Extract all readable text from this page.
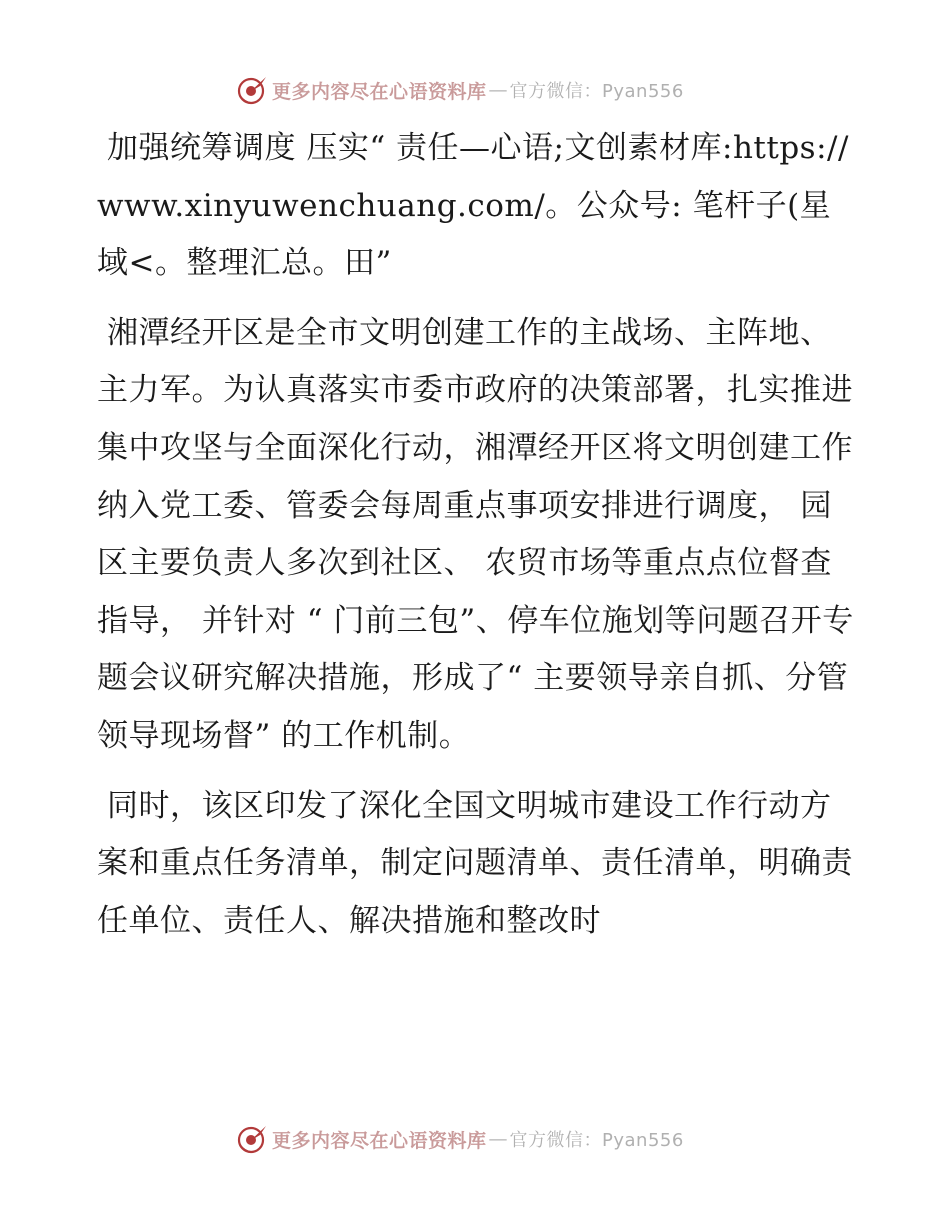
更多内容尽在心语资料库 — 官方微信：Pyan556

加强统筹调度 压实“ 责任—心语;文创素材库:https://www.xinyuwenchuang.com/。公众号: 笔杆子(星域<。整理汇总。田”

湘潭经开区是全市文明创建工作的主战场、主阵地、主力军。为认真落实市委市政府的决策部署，扎实推进集中攻坚与全面深化行动，湘潭经开区将文明创建工作纳入党工委、管委会每周重点事项安排进行调度， 园区主要负责人多次到社区、 农贸市场等重点点位督查指导， 并针对 “ 门前三包”、停车位施划等问题召开专题会议研究解决措施，形成了“ 主要领导亲自抓、分管领导现场督” 的工作机制。

同时，该区印发了深化全国文明城市建设工作行动方案和重点任务清单，制定问题清单、责任清单，明确责任单位、责任人、解决措施和整改时

更多内容尽在心语资料库 — 官方微信：Pyan556
